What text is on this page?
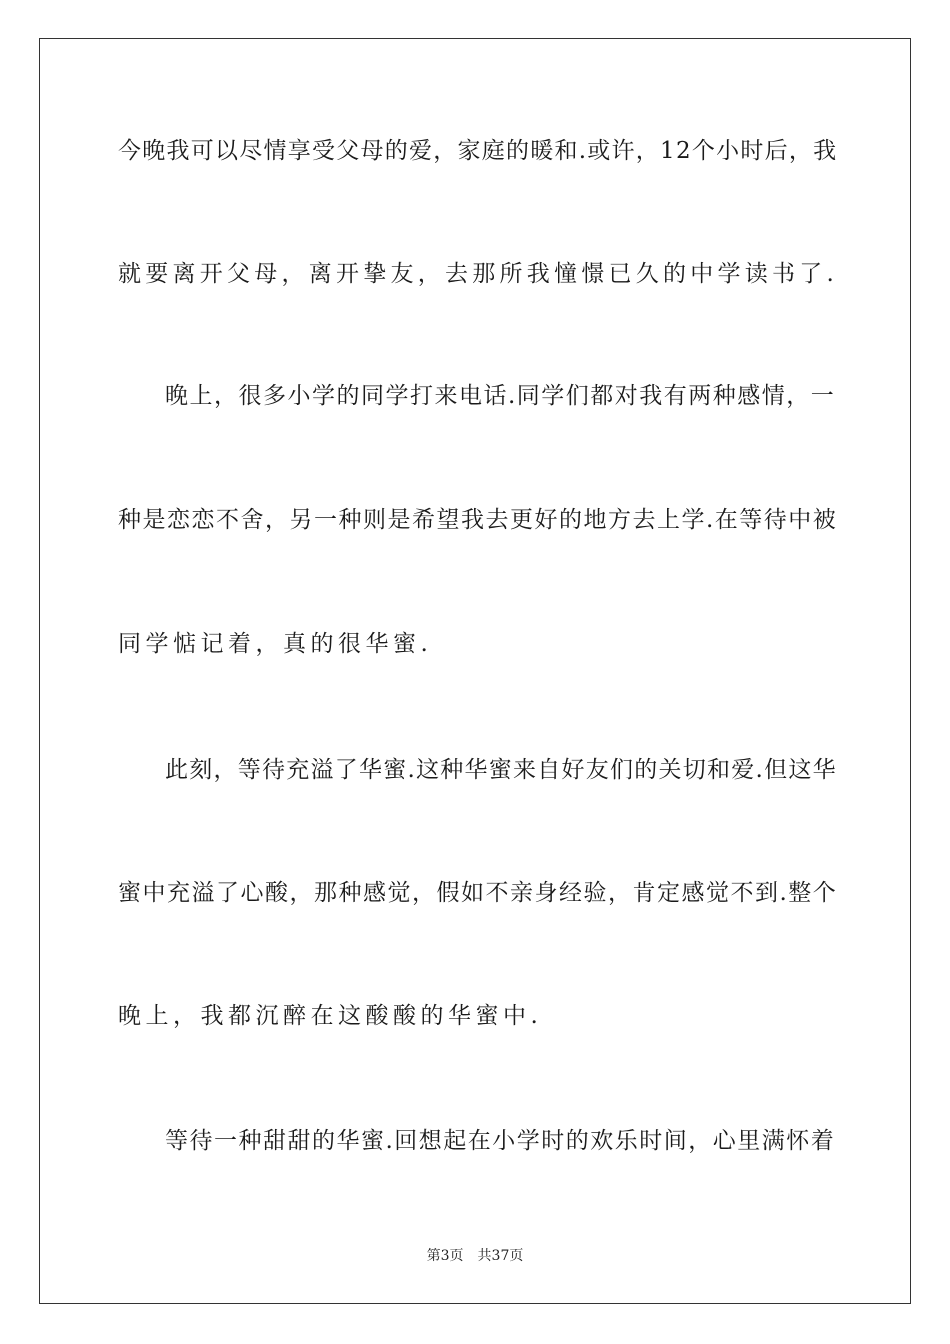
今晚我可以尽情享受父母的爱，家庭的暖和.或许，12个小时后，我
就要离开父母，离开挚友，去那所我憧憬已久的中学读书了.
晚上，很多小学的同学打来电话.同学们都对我有两种感情，一
种是恋恋不舍，另一种则是希望我去更好的地方去上学.在等待中被
同学惦记着，真的很华蜜.
此刻，等待充溢了华蜜.这种华蜜来自好友们的关切和爱.但这华
蜜中充溢了心酸，那种感觉，假如不亲身经验，肯定感觉不到.整个
晚上，我都沉醉在这酸酸的华蜜中.
等待一种甜甜的华蜜.回想起在小学时的欢乐时间，心里满怀着
第3页 共37页
